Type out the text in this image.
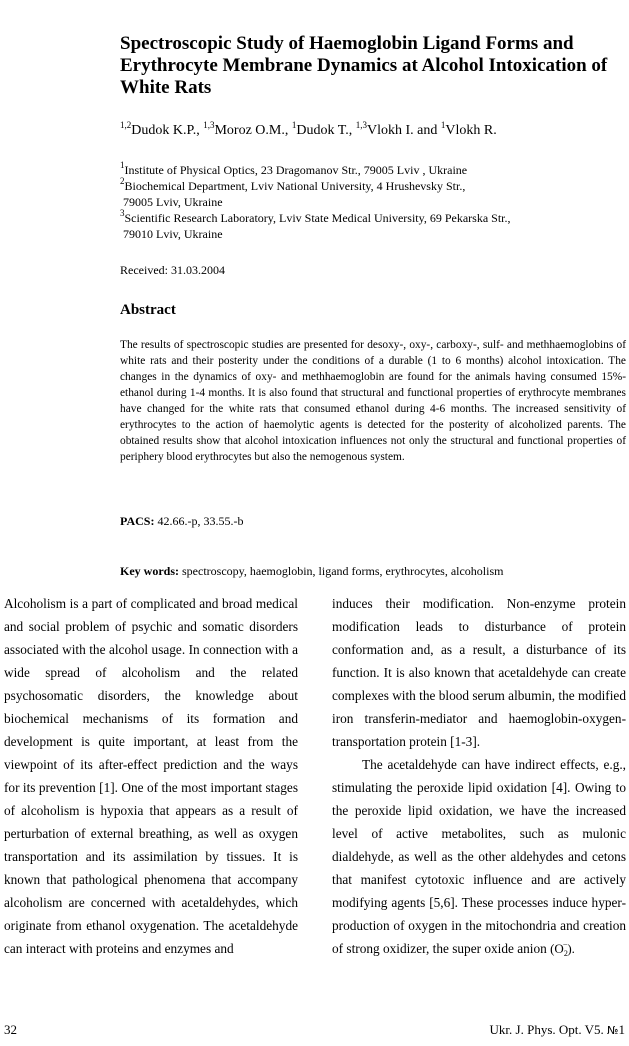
Spectroscopic Study of Haemoglobin Ligand Forms and Erythrocyte Membrane Dynamics at Alcohol Intoxication of White Rats

$^{1,2}$Dudok K.P., $^{1,3}$Moroz O.M., $^1$Dudok T., $^{1,3}$Vlokh I. and $^1$Vlokh R.

$^1$Institute of Physical Optics, 23 Dragomanov Str., 79005 Lviv , Ukraine
$^2$Biochemical Department, Lviv National University, 4 Hrushevsky Str.,
79005 Lviv, Ukraine
$^3$Scientific Research Laboratory, Lviv State Medical University, 69 Pekarska Str.,
79010 Lviv, Ukraine

Received: 31.03.2004

Abstract

The results of spectroscopic studies are presented for desoxy-, oxy-, carboxy-, sulf- and methhaemoglobins of white rats and their posterity under the conditions of a durable (1 to 6 months) alcohol intoxication. The changes in the dynamics of oxy- and methhaemoglobin are found for the animals having consumed 15%-ethanol during 1-4 months. It is also found that structural and functional properties of erythrocyte membranes have changed for the white rats that consumed ethanol during 4-6 months. The increased sensitivity of erythrocytes to the action of haemolytic agents is detected for the posterity of alcoholized parents. The obtained results show that alcohol intoxication influences not only the structural and functional properties of periphery blood erythrocytes but also the nemogenous system.

PACS: 42.66.-p, 33.55.-b

Key words: spectroscopy, haemoglobin, ligand forms, erythrocytes, alcoholism

Alcoholism is a part of complicated and broad medical and social problem of psychic and somatic disorders associated with the alcohol usage. In connection with a wide spread of alcoholism and the related psychosomatic disorders, the knowledge about biochemical mechanisms of its formation and development is quite important, at least from the viewpoint of its after-effect prediction and the ways for its prevention [1]. One of the most important stages of alcoholism is hypoxia that appears as a result of perturbation of external breathing, as well as oxygen transportation and its assimilation by tissues. It is known that pathological phenomena that accompany alcoholism are concerned with acetaldehydes, which originate from ethanol oxygenation. The acetaldehyde can interact with proteins and enzymes and

induces their modification. Non-enzyme protein modification leads to disturbance of protein conformation and, as a result, a disturbance of its function. It is also known that acetaldehyde can create complexes with the blood serum albumin, the modified iron transferin-mediator and haemoglobin-oxygen-transportation protein [1-3].

The acetaldehyde can have indirect effects, e.g., stimulating the peroxide lipid oxidation [4]. Owing to the peroxide lipid oxidation, we have the increased level of active metabolites, such as mulonic dialdehyde, as well as the other aldehydes and cetons that manifest cytotoxic influence and are actively modifying agents [5,6]. These processes induce hyper-production of oxygen in the mitochondria and creation of strong oxidizer, the super oxide anion $(O_2^-)$.

32	Ukr. J. Phys. Opt. V5. №1
